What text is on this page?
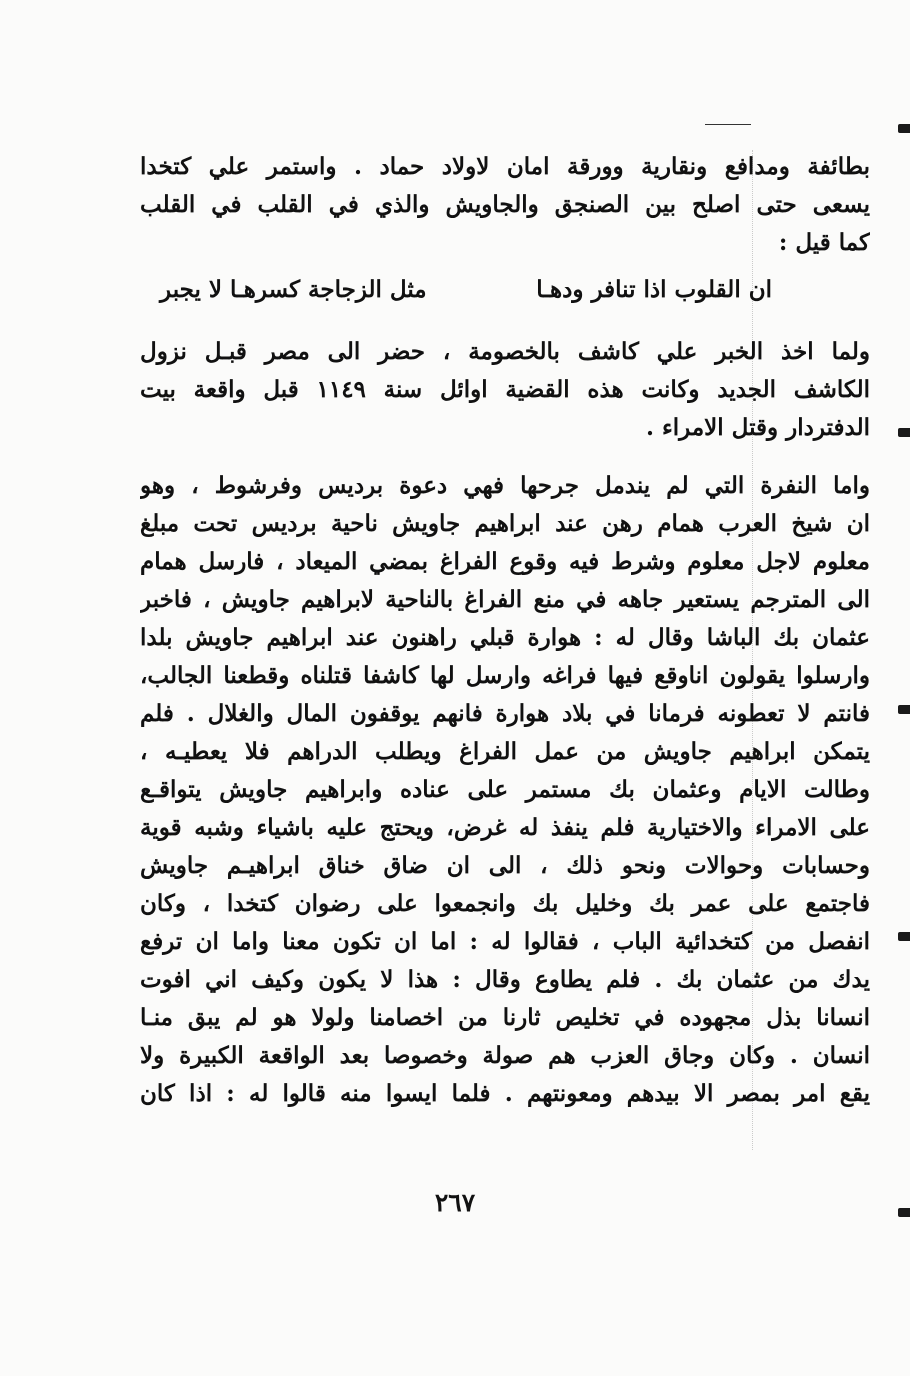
بطائفة ومدافع ونقارية وورقة امان لاولاد حماد . واستمر علي كتخدا
يسعى حتى اصلح بين الصنجق والجاويش والذي في القلب في القلب
كما قيل :
ان القلوب اذا تنافر ودهـا
مثل الزجاجة كسرهـا لا يجبر
ولما اخذ الخبر علي كاشف بالخصومة ، حضر الى مصر قبـل نزول
الكاشف الجديد وكانت هذه القضية اوائل سنة ١١٤٩ قبل واقعة بيت
الدفتردار وقتل الامراء .
واما النفرة التي لم يندمل جرحها فهي دعوة برديس وفرشوط ، وهو
ان شيخ العرب همام رهن عند ابراهيم جاويش ناحية برديس تحت مبلغ
معلوم لاجل معلوم وشرط فيه وقوع الفراغ بمضي الميعاد ، فارسل همام
الى المترجم يستعير جاهه في منع الفراغ بالناحية لابراهيم جاويش ، فاخبر
عثمان بك الباشا وقال له : هوارة قبلي راهنون عند ابراهيم جاويش بلدا
وارسلوا يقولون اناوقع فيها فراغه وارسل لها كاشفا قتلناه وقطعنا الجالب،
فانتم لا تعطونه فرمانا في بلاد هوارة فانهم يوقفون المال والغلال . فلم
يتمكن ابراهيم جاويش من عمل الفراغ ويطلب الدراهم فلا يعطيـه ،
وطالت الايام وعثمان بك مستمر على عناده وابراهيم جاويش يتواقـع
على الامراء والاختيارية فلم ينفذ له غرض، ويحتج عليه باشياء وشبه قوية
وحسابات وحوالات ونحو ذلك ، الى ان ضاق خناق ابراهيـم جاويش
فاجتمع على عمر بك وخليل بك وانجمعوا على رضوان كتخدا ، وكان
انفصل من كتخدائية الباب ، فقالوا له : اما ان تكون معنا واما ان ترفع
يدك من عثمان بك . فلم يطاوع وقال : هذا لا يكون وكيف اني افوت
انسانا بذل مجهوده في تخليص ثارنا من اخصامنا ولولا هو لم يبق منـا
انسان . وكان وجاق العزب هم صولة وخصوصا بعد الواقعة الكبيرة ولا
يقع امر بمصر الا بيدهم ومعونتهم . فلما ايسوا منه قالوا له : اذا كان
٢٦٧
